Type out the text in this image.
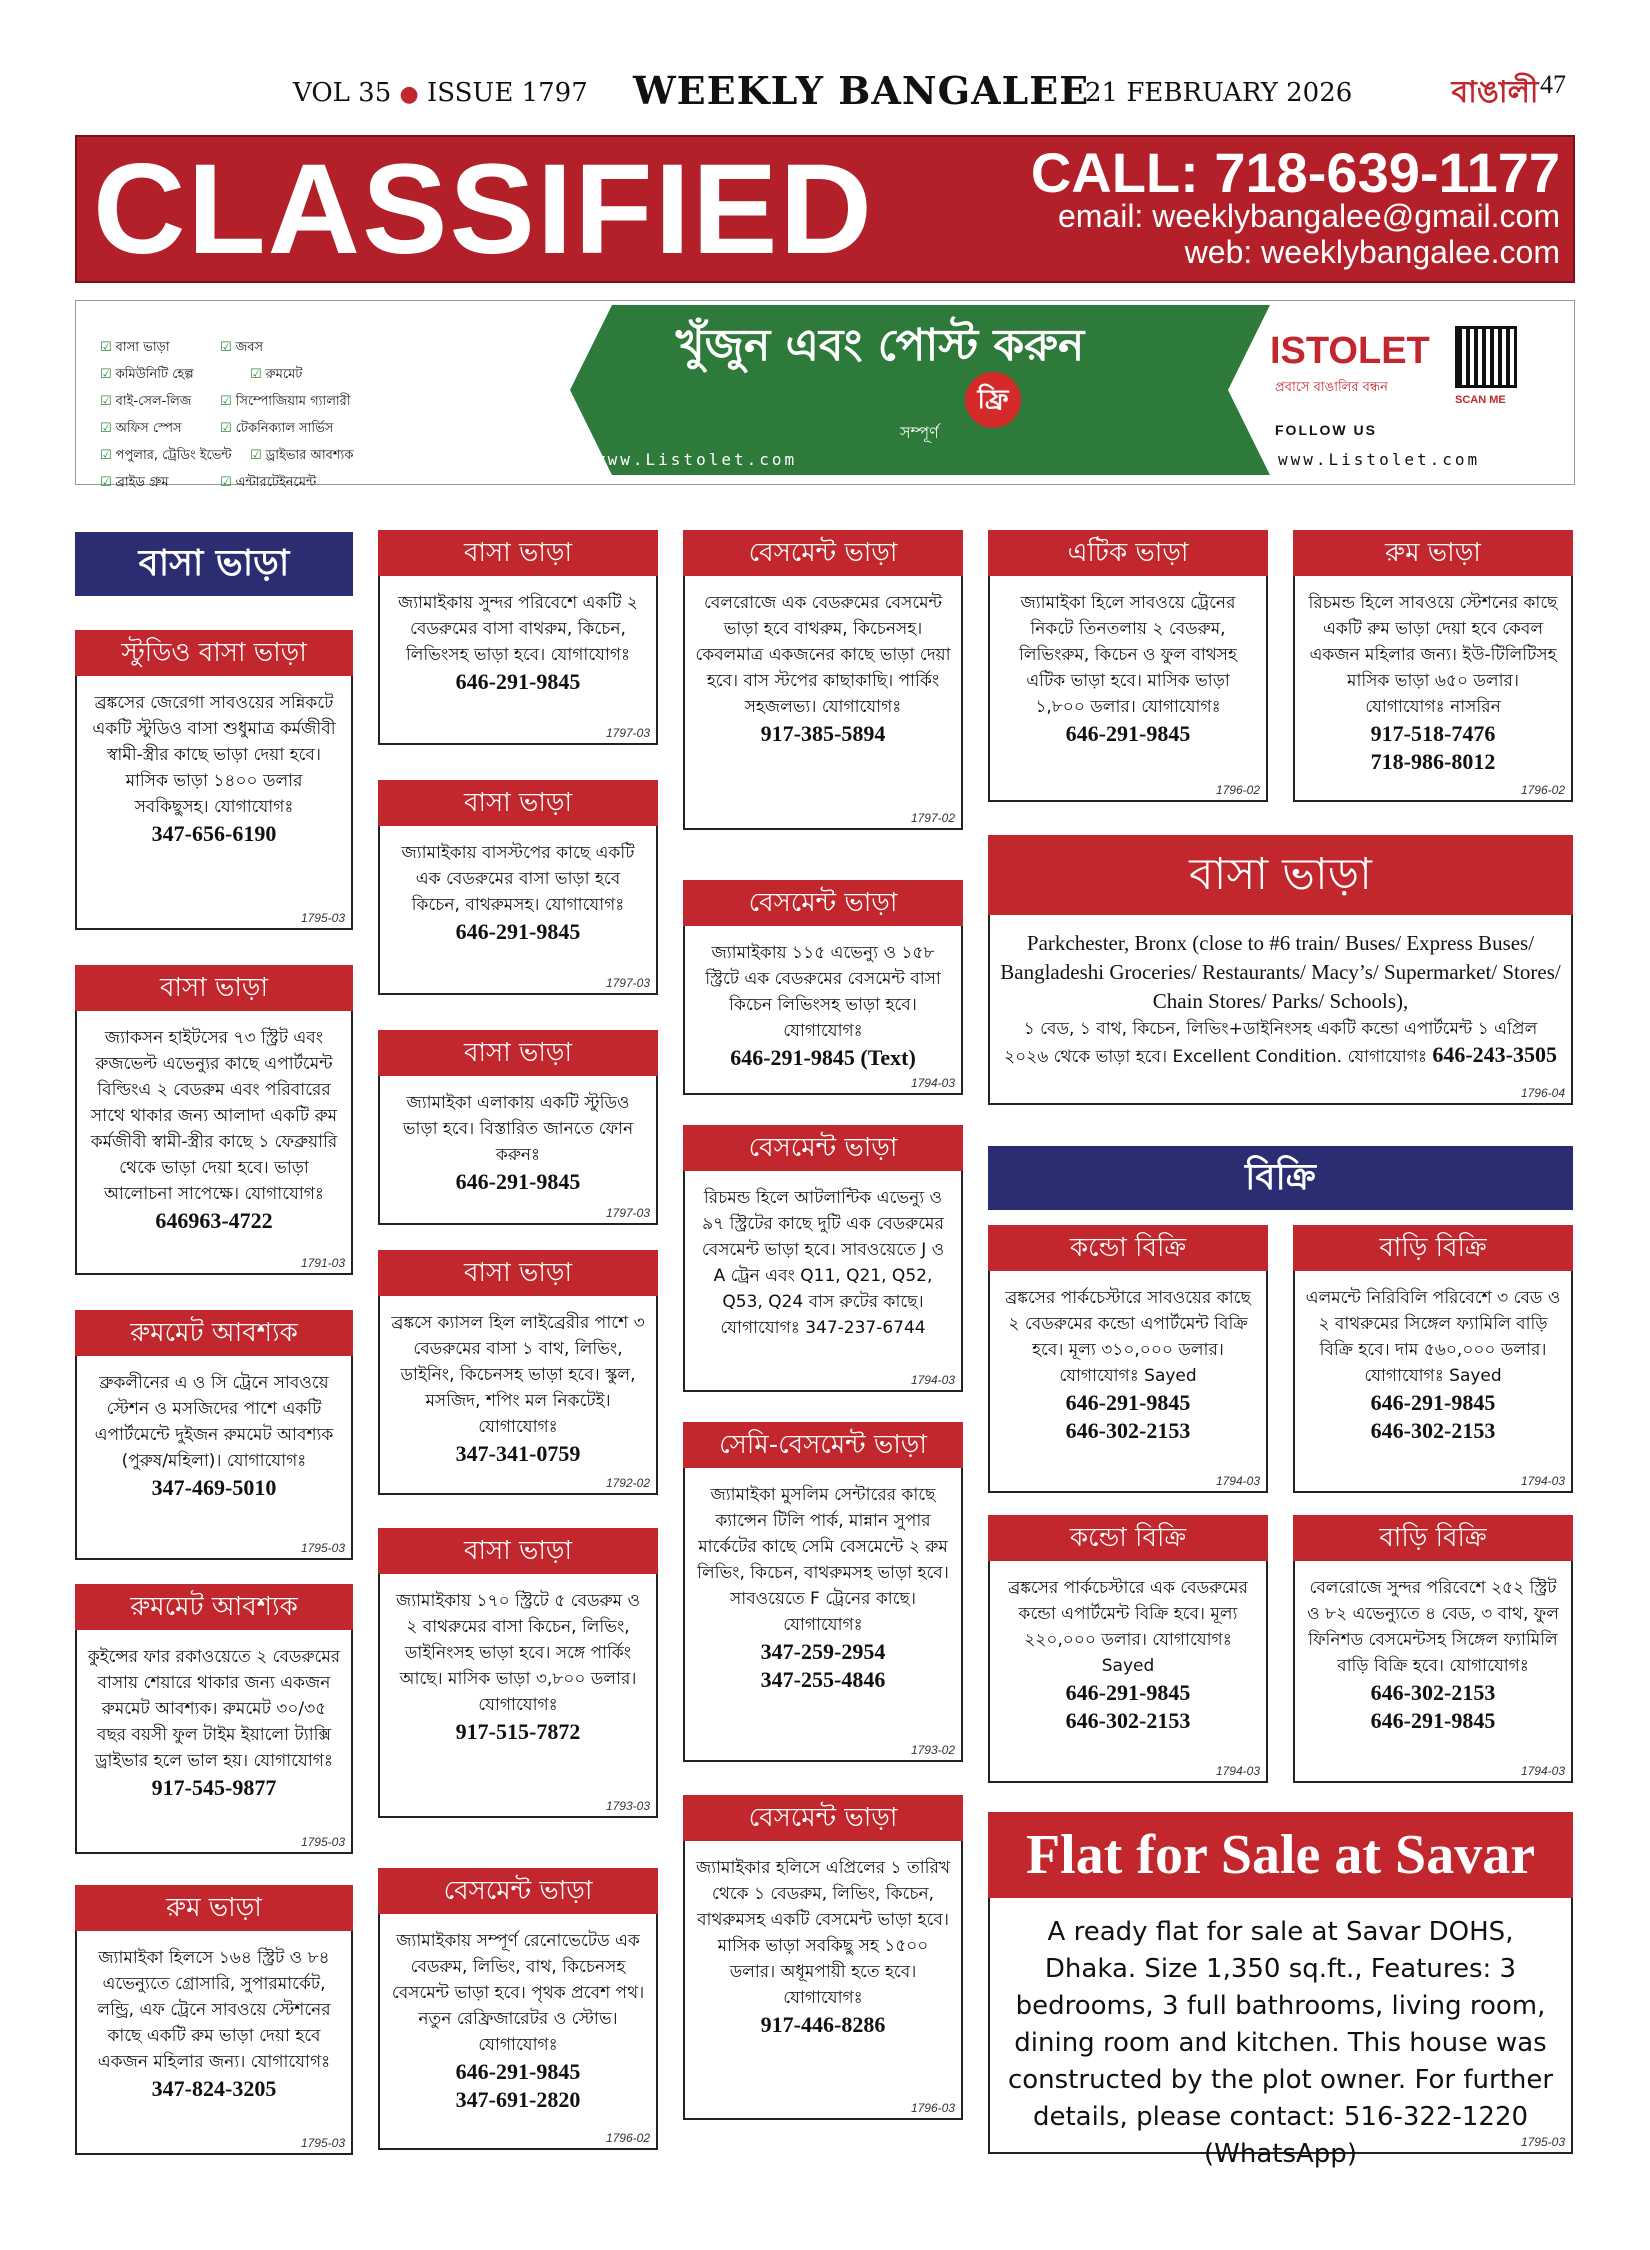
VOL 35 ● ISSUE 1797 WEEKLY BANGALEE
21 FEBRUARY 2026	বাঙালী 47
CLASSIFIED	CALL: 718-639-1177
email: weeklybangalee@gmail.com
web: weeklybangalee.com
☑ বাসা ভাড়া	☑ জবস☑ কমিউনিটি হেল্প	☑ রুমমেট☑ বাই-সেল-লিজ ☑ সিম্পোজিয়াম গ্যালারী☑ অফিস স্পেস	☑ টেকনিক্যাল সার্ভিস☑ পপুলার, ট্রেডিং ইভেন্ট ☑ ড্রাইভার আবশ্যক☑ ব্রাইড গ্রুম	☑ এন্টারটেইনমেন্ট
খুঁজুন এবং পোস্ট করুন
সম্পূর্ণ
ফ্রি
www.Listolet.com
ISTOLET
প্রবাসে বাঙালির বন্ধন
FOLLOW US
www.Listolet.com
SCAN ME
বাসা ভাড়া
বিক্রি
স্টুডিও বাসা ভাড়া
ব্রঙ্কসের জেরেগা সাবওয়ের সন্নিকটে একটি স্টুডিও বাসা শুধুমাত্র কর্মজীবী স্বামী-স্ত্রীর কাছে ভাড়া দেয়া হবে। মাসিক ভাড়া ১৪০০ ডলার সবকিছুসহ। যোগাযোগঃ
347-656-6190
1795-03
বাসা ভাড়া
জ্যাকসন হাইটসের ৭৩ স্ট্রিট এবং রুজভেল্ট এভেন্যুর কাছে এপার্টমেন্ট বিল্ডিংএ ২ বেডরুম এবং পরিবারের সাথে থাকার জন্য আলাদা একটি রুম কর্মজীবী স্বামী-স্ত্রীর কাছে ১ ফেব্রুয়ারি থেকে ভাড়া দেয়া হবে। ভাড়া আলোচনা সাপেক্ষে। যোগাযোগঃ
646963-4722
1791-03
রুমমেট আবশ্যক
ব্রুকলীনের এ ও সি ট্রেনে সাবওয়ে স্টেশন ও মসজিদের পাশে একটি এপার্টমেন্টে দুইজন রুমমেট আবশ্যক (পুরুষ/মহিলা)। যোগাযোগঃ
347-469-5010
1795-03
রুমমেট আবশ্যক
কুইন্সের ফার রকাওয়েতে ২ বেডরুমের বাসায় শেয়ারে থাকার জন্য একজন রুমমেট আবশ্যক। রুমমেট ৩০/৩৫ বছর বয়সী ফুল টাইম ইয়ালো ট্যাক্সি ড্রাইভার হলে ভাল হয়। যোগাযোগঃ
917-545-9877
1795-03
রুম ভাড়া
জ্যামাইকা হিলসে ১৬৪ স্ট্রিট ও ৮৪ এভেন্যুতে গ্রোসারি, সুপারমার্কেট, লন্ড্রি, এফ ট্রেনে সাবওয়ে স্টেশনের কাছে একটি রুম ভাড়া দেয়া হবে একজন মহিলার জন্য। যোগাযোগঃ
347-824-3205
1795-03
বাসা ভাড়া
জ্যামাইকায় সুন্দর পরিবেশে একটি ২ বেডরুমের বাসা বাথরুম, কিচেন, লিভিংসহ ভাড়া হবে। যোগাযোগঃ
646-291-9845
1797-03
বাসা ভাড়া
জ্যামাইকায় বাসস্টপের কাছে একটি এক বেডরুমের বাসা ভাড়া হবে কিচেন, বাথরুমসহ। যোগাযোগঃ
646-291-9845
1797-03
বাসা ভাড়া
জ্যামাইকা এলাকায় একটি স্টুডিও ভাড়া হবে। বিস্তারিত জানতে ফোন করুনঃ
646-291-9845
1797-03
বাসা ভাড়া
ব্রঙ্কসে ক্যাসল হিল লাইব্রেরীর পাশে ৩ বেডরুমের বাসা ১ বাথ, লিভিং, ডাইনিং, কিচেনসহ ভাড়া হবে। স্কুল, মসজিদ, শপিং মল নিকটেই। যোগাযোগঃ
347-341-0759
1792-02
বাসা ভাড়া
জ্যামাইকায় ১৭০ স্ট্রিটে ৫ বেডরুম ও ২ বাথরুমের বাসা কিচেন, লিভিং, ডাইনিংসহ ভাড়া হবে। সঙ্গে পার্কিং আছে। মাসিক ভাড়া ৩,৮০০ ডলার। যোগাযোগঃ
917-515-7872
1793-03
বেসমেন্ট ভাড়া
জ্যামাইকায় সম্পূর্ণ রেনোভেটেড এক বেডরুম, লিভিং, বাথ, কিচেনসহ বেসমেন্ট ভাড়া হবে। পৃথক প্রবেশ পথ। নতুন রেফ্রিজারেটর ও স্টোভ। যোগাযোগঃ
646-291-9845
347-691-2820
1796-02
বেসমেন্ট ভাড়া
বেলরোজে এক বেডরুমের বেসমেন্ট ভাড়া হবে বাথরুম, কিচেনসহ। কেবলমাত্র একজনের কাছে ভাড়া দেয়া হবে। বাস স্টপের কাছাকাছি। পার্কিং সহজলভ্য। যোগাযোগঃ
917-385-5894
1797-02
বেসমেন্ট ভাড়া
জ্যামাইকায় ১১৫ এভেন্যু ও ১৫৮ স্ট্রিটে এক বেডরুমের বেসমেন্ট বাসা কিচেন লিভিংসহ ভাড়া হবে। যোগাযোগঃ
646-291-9845 (Text)
1794-03
বেসমেন্ট ভাড়া
রিচমন্ড হিলে আটলান্টিক এভেন্যু ও ৯৭ স্ট্রিটের কাছে দুটি এক বেডরুমের বেসমেন্ট ভাড়া হবে। সাবওয়েতে J ও A ট্রেন এবং Q11, Q21, Q52, Q53, Q24 বাস রুটের কাছে। যোগাযোগঃ 347-237-6744
1794-03
সেমি-বেসমেন্ট ভাড়া
জ্যামাইকা মুসলিম সেন্টারের কাছে ক্যান্সেন টিলি পার্ক, মান্নান সুপার মার্কেটের কাছে সেমি বেসমেন্টে ২ রুম লিভিং, কিচেন, বাথরুমসহ ভাড়া হবে। সাবওয়েতে F ট্রেনের কাছে। যোগাযোগঃ
347-259-2954
347-255-4846
1793-02
বেসমেন্ট ভাড়া
জ্যামাইকার হলিসে এপ্রিলের ১ তারিখ থেকে ১ বেডরুম, লিভিং, কিচেন, বাথরুমসহ একটি বেসমেন্ট ভাড়া হবে। মাসিক ভাড়া সবকিছু সহ ১৫০০ ডলার। অধূমপায়ী হতে হবে। যোগাযোগঃ
917-446-8286
1796-03
এটিক ভাড়া
জ্যামাইকা হিলে সাবওয়ে ট্রেনের নিকটে তিনতলায় ২ বেডরুম, লিভিংরুম, কিচেন ও ফুল বাথসহ এটিক ভাড়া হবে। মাসিক ভাড়া ১,৮০০ ডলার। যোগাযোগঃ
646-291-9845
1796-02
রুম ভাড়া
রিচমন্ড হিলে সাবওয়ে স্টেশনের কাছে একটি রুম ভাড়া দেয়া হবে কেবল একজন মহিলার জন্য। ইউ-টিলিটিসহ মাসিক ভাড়া ৬৫০ ডলার। যোগাযোগঃ নাসরিন
917-518-7476
718-986-8012
1796-02
কন্ডো বিক্রি
ব্রঙ্কসের পার্কচেস্টারে সাবওয়ের কাছে ২ বেডরুমের কন্ডো এপার্টমেন্ট বিক্রি হবে। মূল্য ৩১০,০০০ ডলার। যোগাযোগঃ Sayed
646-291-9845
646-302-2153
1794-03
বাড়ি বিক্রি
এলমন্টে নিরিবিলি পরিবেশে ৩ বেড ও ২ বাথরুমের সিঙ্গেল ফ্যামিলি বাড়ি বিক্রি হবে। দাম ৫৬০,০০০ ডলার। যোগাযোগঃ Sayed
646-291-9845
646-302-2153
1794-03
কন্ডো বিক্রি
ব্রঙ্কসের পার্কচেস্টারে এক বেডরুমের কন্ডো এপার্টমেন্ট বিক্রি হবে। মূল্য ২২০,০০০ ডলার। যোগাযোগঃ Sayed
646-291-9845
646-302-2153
1794-03
বাড়ি বিক্রি
বেলরোজে সুন্দর পরিবেশে ২৫২ স্ট্রিট ও ৮২ এভেন্যুতে ৪ বেড, ৩ বাথ, ফুল ফিনিশড বেসমেন্টসহ সিঙ্গেল ফ্যামিলি বাড়ি বিক্রি হবে। যোগাযোগঃ
646-302-2153
646-291-9845
1794-03
বাসা ভাড়া
Parkchester, Bronx (close to #6 train/ Buses/ Express Buses/ Bangladeshi Groceries/ Restaurants/ Macy’s/ Supermarket/ Stores/ Chain Stores/ Parks/ Schools),
১ বেড, ১ বাথ, কিচেন, লিভিং+ডাইনিংসহ একটি কন্ডো এপার্টমেন্ট ১ এপ্রিল ২০২৬ থেকে ভাড়া হবে। Excellent Condition. যোগাযোগঃ 646-243-3505
1796-04
Flat for Sale at Savar
A ready flat for sale at Savar DOHS, Dhaka. Size 1,350 sq.ft., Features: 3 bedrooms, 3 full bathrooms, living room, dining room and kitchen. This house was constructed by the plot owner. For further details, please contact: 516-322-1220 (WhatsApp)	1795-03
